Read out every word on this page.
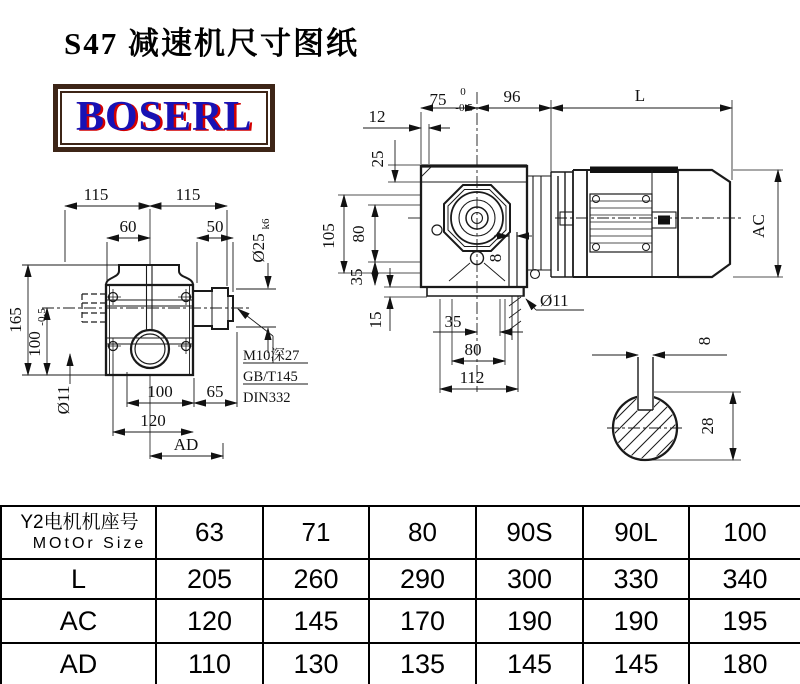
115	115
60	50
Ø25
k6
165
100
-0.5
Ø11	100 65
120
AD
M10深27
GB/T145
DIN332
12
75 0
-0.5
96	L
25
105 80
35
15	35
80
112
Ø11
8
AC
8
28
S47 减速机尺寸图纸
BOSERL
Y2电机机座号
MOtOr Size	63	71	80	90S	90L	100
L	205	260	290	300	330	340
AC	120	145	170	190	190	195
AD	110	130	135	145	145	180
